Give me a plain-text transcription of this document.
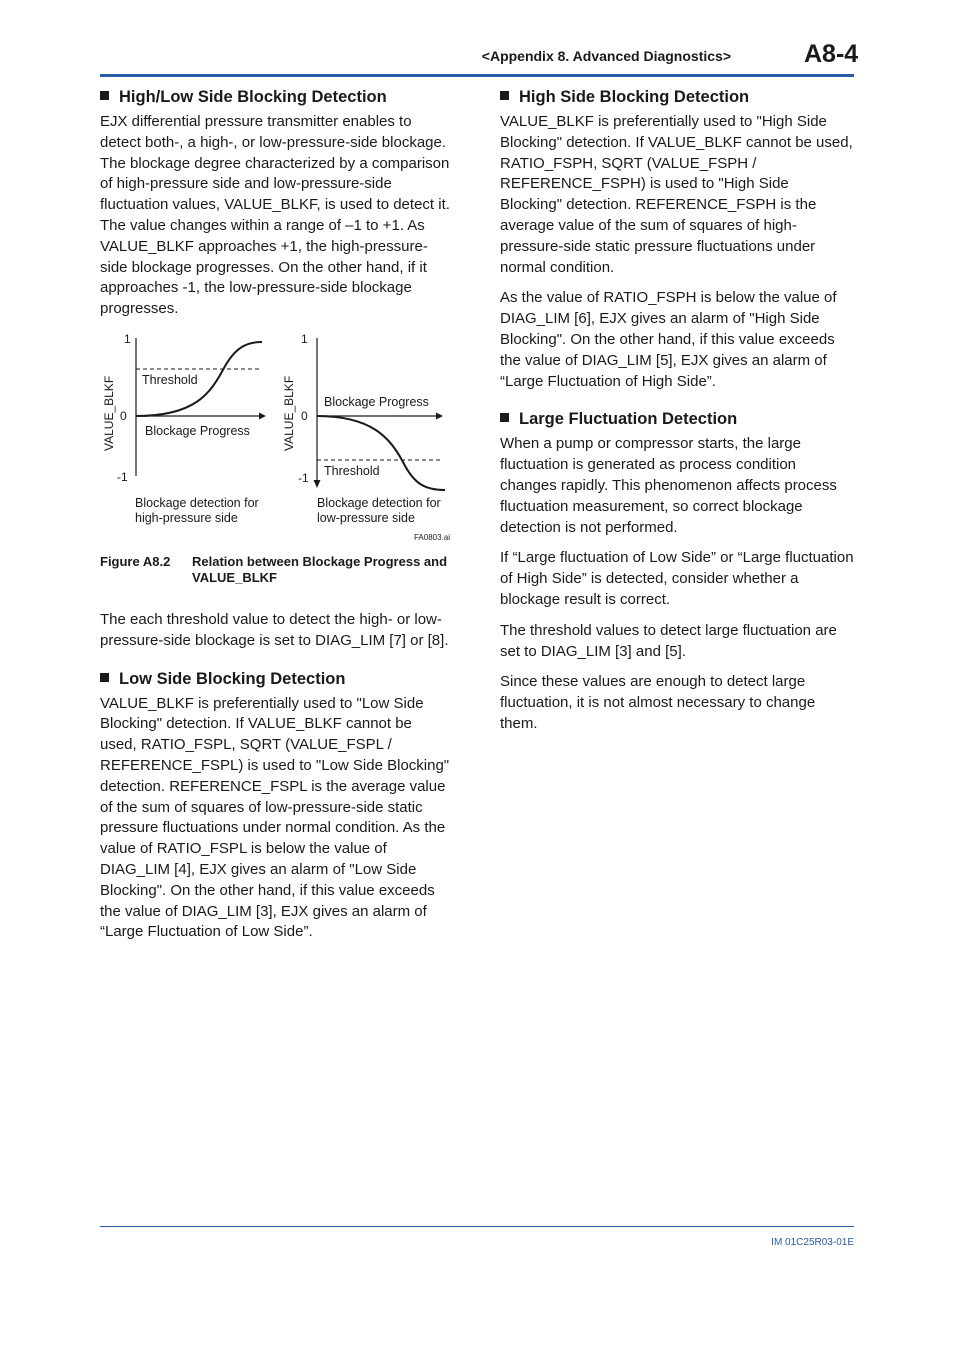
<Appendix 8. Advanced Diagnostics>	A8-4
High/Low Side Blocking Detection

EJX differential pressure transmitter enables to detect both-, a high-, or low-pressure-side blockage. The blockage degree characterized by a comparison of high-pressure side and low-pressure-side fluctuation values, VALUE_BLKF, is used to detect it. The value changes within a range of –1 to +1. As VALUE_BLKF approaches +1, the high-pressure-side blockage progresses. On the other hand, if it approaches -1, the low-pressure-side blockage progresses.

1
0
-1
VALUE_BLKF Threshold
Blockage Progress
Blockage detection for
high-pressure side
1
0
-1
VALUE_BLKF Blockage Progress
Threshold
Blockage detection for
low-pressure side
FA0803.ai
Figure A8.2	Relation between Blockage Progress and VALUE_BLKF

The each threshold value to detect the high- or low-pressure-side blockage is set to DIAG_LIM [7] or [8].

Low Side Blocking Detection

VALUE_BLKF is preferentially used to "Low Side Blocking" detection. If VALUE_BLKF cannot be used, RATIO_FSPL, SQRT (VALUE_FSPL / REFERENCE_FSPL) is used to "Low Side Blocking" detection. REFERENCE_FSPL is the average value of the sum of squares of low-pressure-side static pressure fluctuations under normal condition. As the value of RATIO_FSPL is below the value of DIAG_LIM [4], EJX gives an alarm of "Low Side Blocking". On the other hand, if this value exceeds the value of DIAG_LIM [3], EJX gives an alarm of “Large Fluctuation of Low Side”.

High Side Blocking Detection

VALUE_BLKF is preferentially used to "High Side Blocking" detection. If VALUE_BLKF cannot be used, RATIO_FSPH, SQRT (VALUE_FSPH / REFERENCE_FSPH) is used to "High Side Blocking" detection. REFERENCE_FSPH is the average value of the sum of squares of high-pressure-side static pressure fluctuations under normal condition.

As the value of RATIO_FSPH is below the value of DIAG_LIM [6], EJX gives an alarm of "High Side Blocking". On the other hand, if this value exceeds the value of DIAG_LIM [5], EJX gives an alarm of “Large Fluctuation of High Side”.

Large Fluctuation Detection

When a pump or compressor starts, the large fluctuation is generated as process condition changes rapidly. This phenomenon affects process fluctuation measurement, so correct blockage detection is not performed.

If “Large fluctuation of Low Side” or “Large fluctuation of High Side” is detected, consider whether a blockage result is correct.

The threshold values to detect large fluctuation are set to DIAG_LIM [3] and [5].

Since these values are enough to detect large fluctuation, it is not almost necessary to change them.

IM 01C25R03-01E
